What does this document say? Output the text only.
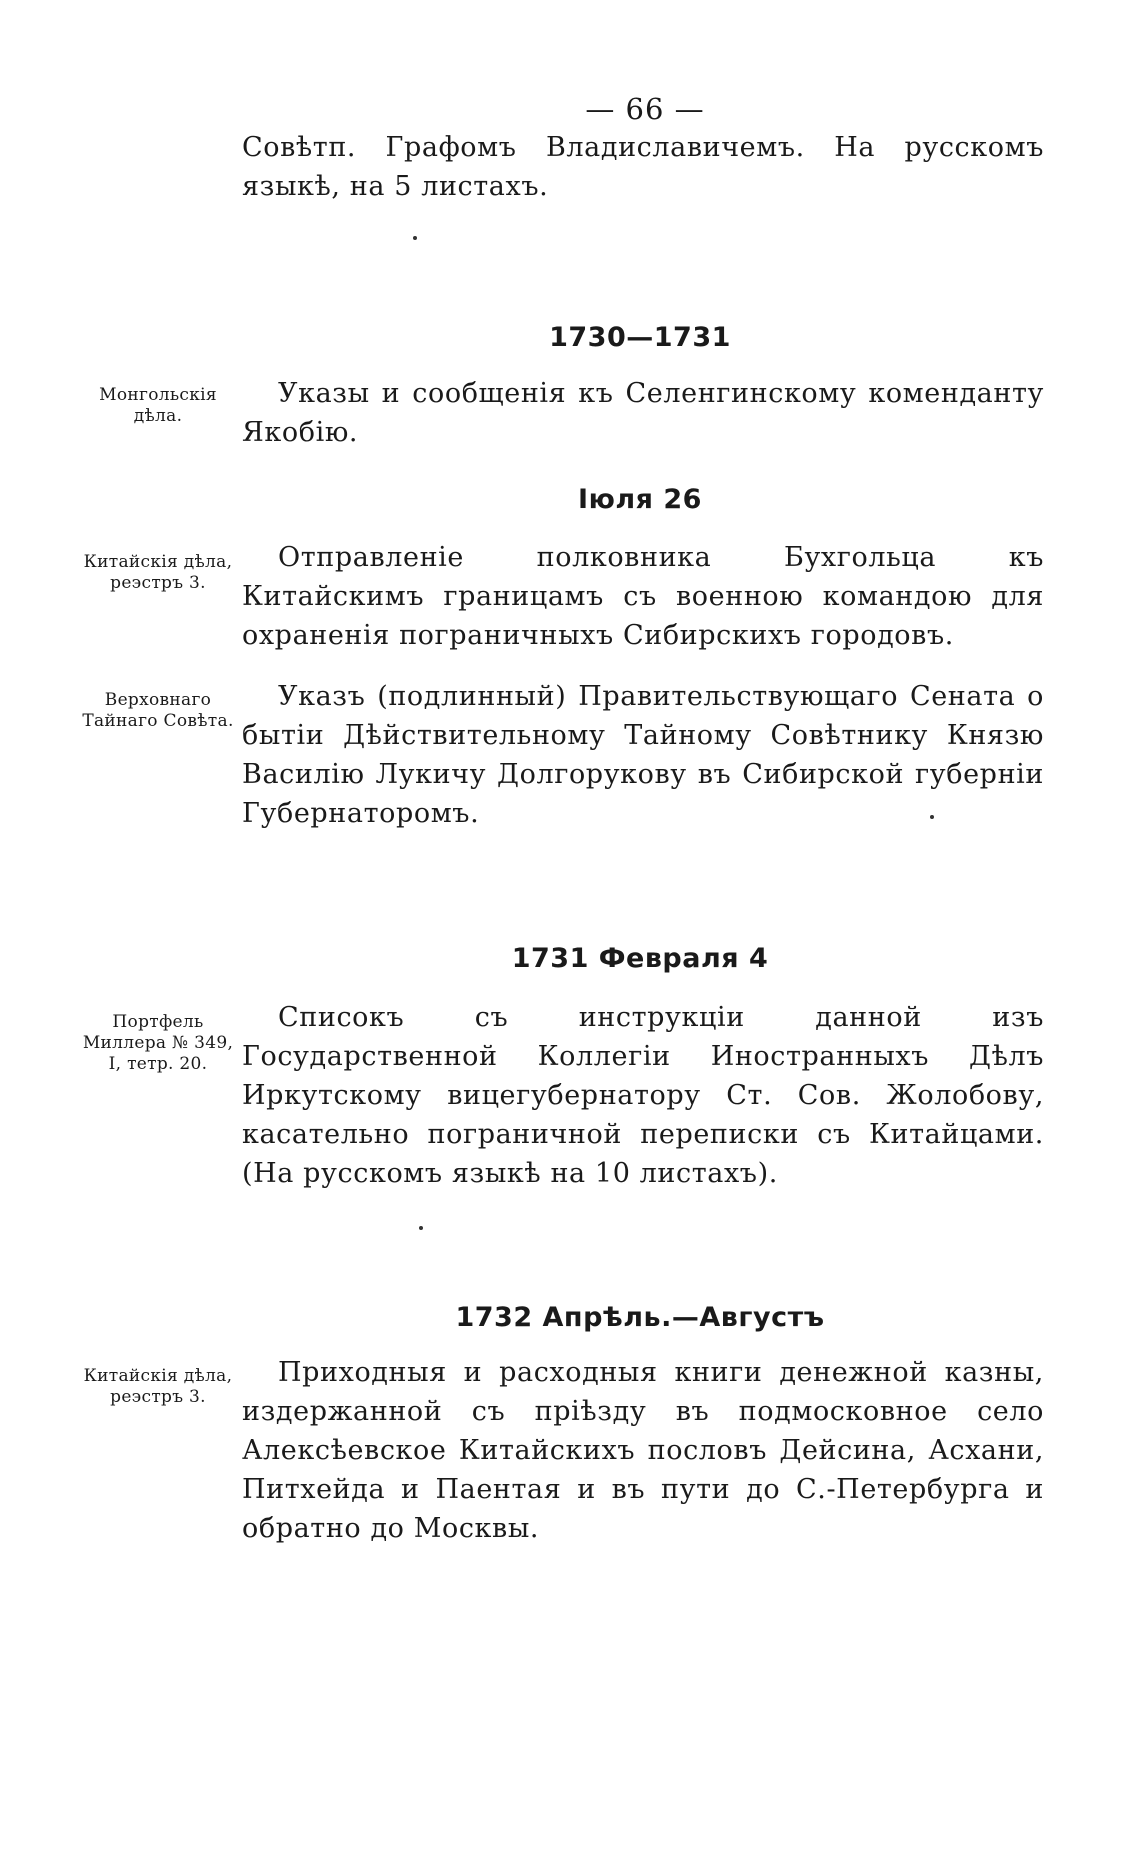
— 66 —

Совѣтп. Графомъ Владиславичемъ. На русскомъ языкѣ, на 5 листахъ.

1730—1731
Монгольскія дѣла.

Указы и сообщенія къ Селенгинскому коменданту Якобію.

Іюля 26
Китайскія дѣла, реэстръ 3.

Отправленіе полковника Бухгольца къ Китайскимъ границамъ съ военною командою для охраненія пограничныхъ Сибирскихъ городовъ.

Верховнаго Тайнаго Совѣта.

Указъ (подлинный) Правительствующаго Сената о бытіи Дѣйствительному Тайному Совѣтнику Князю Василію Лукичу Долгорукову въ Сибирской губерніи Губернаторомъ.

1731 Февраля 4
Портфель Миллера № 349, I, тетр. 20.

Списокъ съ инструкціи данной изъ Государственной Коллегіи Иностранныхъ Дѣлъ Иркутскому вицегубернатору Ст. Сов. Жолобову, касательно пограничной переписки съ Китайцами. (На русскомъ языкѣ на 10 листахъ).

1732 Апрѣль.—Августъ
Китайскія дѣла, реэстръ 3.

Приходныя и расходныя книги денежной казны, издержанной съ пріѣзду въ подмосковное село Алексѣевское Китайскихъ пословъ Дейсина, Асхани, Питхейда и Паентая и въ пути до С.-Петербурга и обратно до Москвы.
